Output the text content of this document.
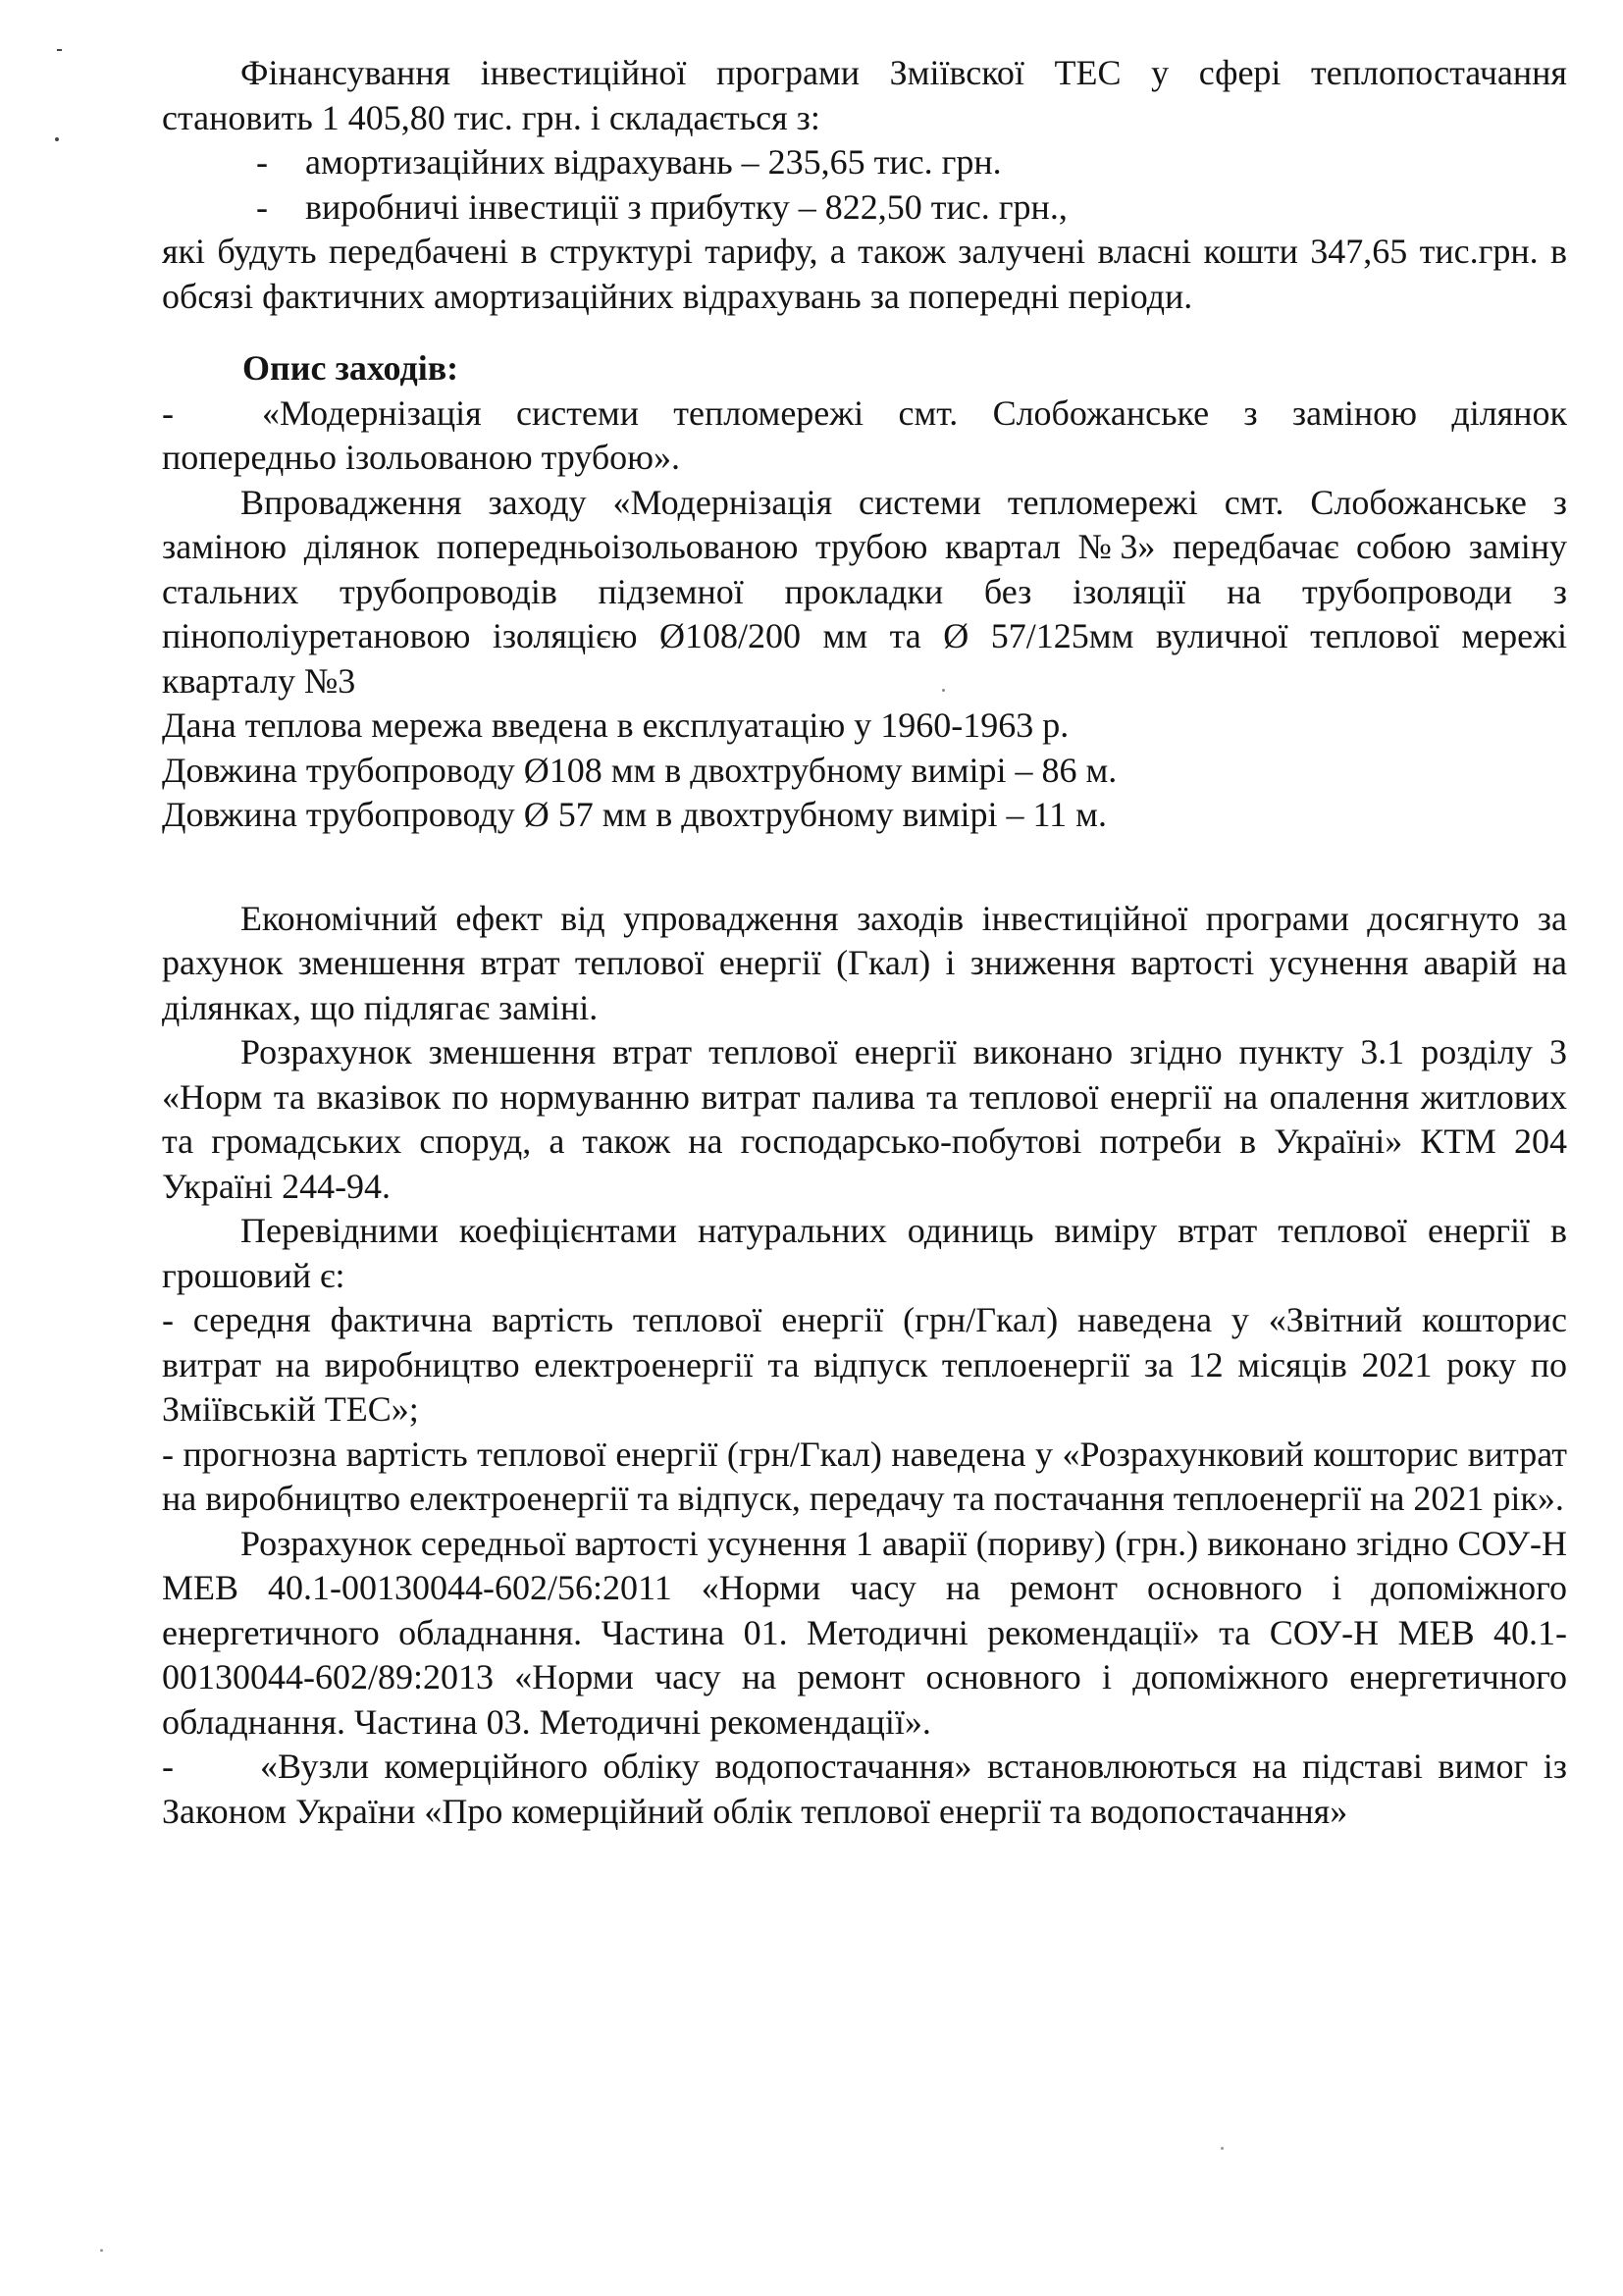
Фінансування інвестиційної програми Зміївскої ТЕС у сфері теплопостачання становить 1 405,80 тис. грн. і складається з:

-	амортизаційних відрахувань – 235,65 тис. грн.
-	виробничі інвестиції з прибутку – 822,50 тис. грн.,

які будуть передбачені в структурі тарифу, а також залучені власні кошти 347,65 тис.грн. в обсязі фактичних амортизаційних відрахувань за попередні періоди.

Опис заходів:

-	«Модернізація системи тепломережі смт. Слобожанське з заміною ділянок попередньо ізольованою трубою».

Впровадження заходу «Модернізація системи тепломережі смт. Слобожанське з заміною ділянок попередньоізольованою трубою квартал №3» передбачає собою заміну стальних трубопроводів підземної прокладки без ізоляції на трубопроводи з пінополіуретановою ізоляцією Ø108/200 мм та Ø 57/125мм вуличної теплової мережі кварталу №3

Дана теплова мережа введена в експлуатацію у 1960-1963 р.

Довжина трубопроводу Ø108 мм в двохтрубному вимірі – 86 м.

Довжина трубопроводу Ø 57 мм в двохтрубному вимірі – 11 м.

Економічний ефект від упровадження заходів інвестиційної програми досягнуто за рахунок зменшення втрат теплової енергії (Гкал) і зниження вартості усунення аварій на ділянках, що підлягає заміні.

Розрахунок зменшення втрат теплової енергії виконано згідно пункту 3.1 розділу 3 «Норм та вказівок по нормуванню витрат палива та теплової енергії на опалення житлових та громадських споруд, а також на господарсько-побутові потреби в Україні» КТМ 204 Україні 244-94.

Перевідними коефіцієнтами натуральних одиниць виміру втрат теплової енергії в грошовий є:

- середня фактична вартість теплової енергії (грн/Гкал) наведена у «Звітний кошторис витрат на виробництво електроенергії та відпуск теплоенергії за 12 місяців 2021 року по Зміївській ТЕС»;

- прогнозна вартість теплової енергії (грн/Гкал) наведена у «Розрахунковий кошторис витрат на виробництво електроенергії та відпуск, передачу та постачання теплоенергії на 2021 рік».

Розрахунок середньої вартості усунення 1 аварії (пориву) (грн.) виконано згідно СОУ-Н МЕВ 40.1-00130044-602/56:2011 «Норми часу на ремонт основного і допоміжного енергетичного обладнання. Частина 01. Методичні рекомендації» та СОУ-Н МЕВ 40.1-00130044-602/89:2013 «Норми часу на ремонт основного і допоміжного енергетичного обладнання. Частина 03. Методичні рекомендації».

-	«Вузли комерційного обліку водопостачання» встановлюються на підставі вимог із Законом України «Про комерційний облік теплової енергії та водопостачання»
